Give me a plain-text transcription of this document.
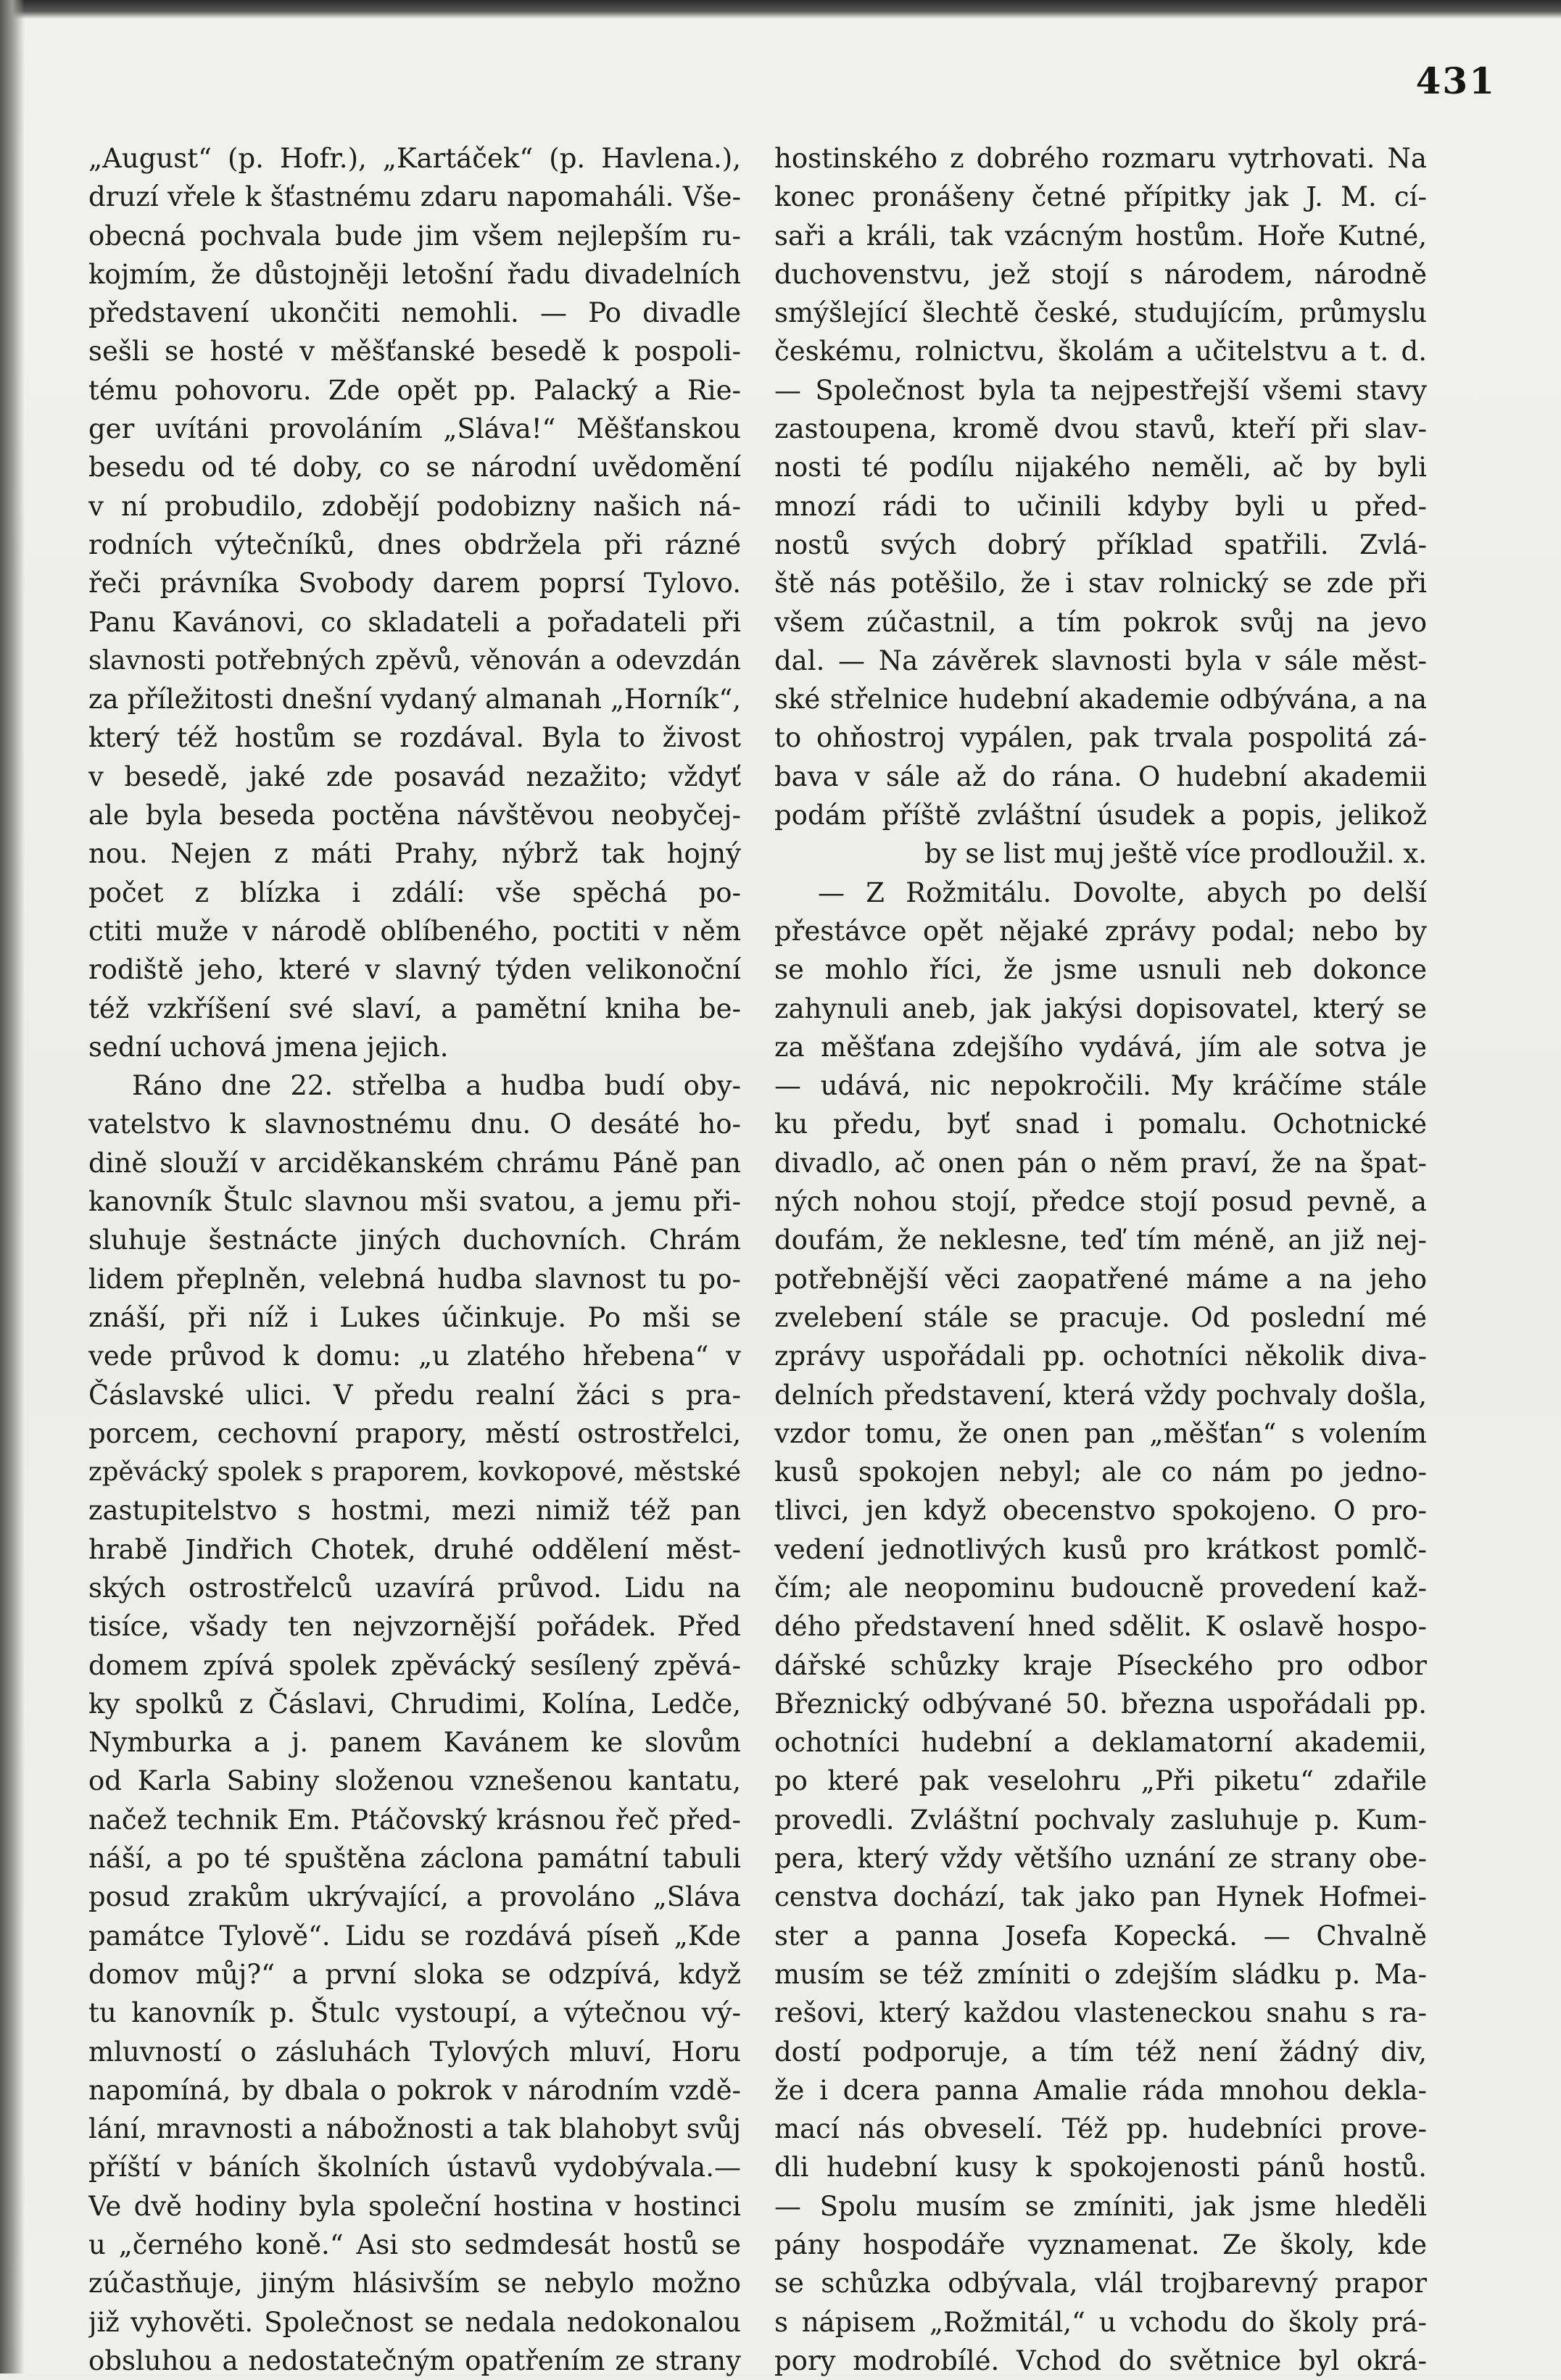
431
„August“ (p. Hofr.), „Kartáček“ (p. Havlena.),
druzí vřele k šťastnému zdaru napomaháli. Vše-
obecná pochvala bude jim všem nejlepším ru-
kojmím, že důstojněji letošní řadu divadelních
představení ukončiti nemohli. — Po divadle
sešli se hosté v měšťanské besedě k pospoli-
tému pohovoru. Zde opět pp. Palacký a Rie-
ger uvítáni provoláním „Sláva!“ Měšťanskou
besedu od té doby, co se národní uvědomění
v ní probudilo, zdobějí podobizny našich ná-
rodních výtečníků, dnes obdržela při rázné
řeči právníka Svobody darem poprsí Tylovo.
Panu Kavánovi, co skladateli a pořadateli při
slavnosti potřebných zpěvů, věnován a odevzdán
za příležitosti dnešní vydaný almanah „Horník“,
který též hostům se rozdával. Byla to živost
v besedě, jaké zde posavád nezažito; vždyť
ale byla beseda poctěna návštěvou neobyčej-
nou. Nejen z máti Prahy, nýbrž tak hojný
počet z blízka i zdálí: vše spěchá po-
ctiti muže v národě oblíbeného, poctiti v něm
rodiště jeho, které v slavný týden velikonoční
též vzkříšení své slaví, a pamětní kniha be-
sední uchová jmena jejich.
Ráno dne 22. střelba a hudba budí oby-
vatelstvo k slavnostnému dnu. O desáté ho-
dině slouží v arciděkanském chrámu Páně pan
kanovník Štulc slavnou mši svatou, a jemu při-
sluhuje šestnácte jiných duchovních. Chrám
lidem přeplněn, velebná hudba slavnost tu po-
znáší, při níž i Lukes účinkuje. Po mši se
vede průvod k domu: „u zlatého hřebena“ v
Čáslavské ulici. V předu realní žáci s pra-
porcem, cechovní prapory, městí ostrostřelci,
zpěvácký spolek s praporem, kovkopové, městské
zastupitelstvo s hostmi, mezi nimiž též pan
hrabě Jindřich Chotek, druhé oddělení měst-
ských ostrostřelců uzavírá průvod. Lidu na
tisíce, všady ten nejvzornější pořádek. Před
domem zpívá spolek zpěvácký sesílený zpěvá-
ky spolků z Čáslavi, Chrudimi, Kolína, Ledče,
Nymburka a j. panem Kavánem ke slovům
od Karla Sabiny složenou vznešenou kantatu,
načež technik Em. Ptáčovský krásnou řeč před-
náší, a po té spuštěna záclona památní tabuli
posud zrakům ukrývající, a provoláno „Sláva
památce Tylově“. Lidu se rozdává píseň „Kde
domov můj?“ a první sloka se odzpívá, když
tu kanovník p. Štulc vystoupí, a výtečnou vý-
mluvností o zásluhách Tylových mluví, Horu
napomíná, by dbala o pokrok v národním vzdě-
lání, mravnosti a nábožnosti a tak blahobyt svůj
příští v báních školních ústavů vydobývala.—
Ve dvě hodiny byla společní hostina v hostinci
u „černého koně.“ Asi sto sedmdesát hostů se
zúčastňuje, jiným hlásivším se nebylo možno
již vyhověti. Společnost se nedala nedokonalou
obsluhou a nedostatečným opatřením ze strany
hostinského z dobrého rozmaru vytrhovati. Na
konec pronášeny četné přípitky jak J. M. cí-
saři a králi, tak vzácným hostům. Hoře Kutné,
duchovenstvu, jež stojí s národem, národně
smýšlející šlechtě české, studujícím, průmyslu
českému, rolnictvu, školám a učitelstvu a t. d.
— Společnost byla ta nejpestřejší všemi stavy
zastoupena, kromě dvou stavů, kteří při slav-
nosti té podílu nijakého neměli, ač by byli
mnozí rádi to učinili kdyby byli u před-
nostů svých dobrý příklad spatřili. Zvlá-
ště nás potěšilo, že i stav rolnický se zde při
všem zúčastnil, a tím pokrok svůj na jevo
dal. — Na závěrek slavnosti byla v sále měst-
ské střelnice hudební akademie odbývána, a na
to ohňostroj vypálen, pak trvala pospolitá zá-
bava v sále až do rána. O hudební akademii
podám příště zvláštní úsudek a popis, jelikož
by se list muj ještě více prodloužil. x.
— Z Rožmitálu. Dovolte, abych po delší
přestávce opět nějaké zprávy podal; nebo by
se mohlo říci, že jsme usnuli neb dokonce
zahynuli aneb, jak jakýsi dopisovatel, který se
za měšťana zdejšího vydává, jím ale sotva je
— udává, nic nepokročili. My kráčíme stále
ku předu, byť snad i pomalu. Ochotnické
divadlo, ač onen pán o něm praví, že na špat-
ných nohou stojí, předce stojí posud pevně, a
doufám, že neklesne, teď tím méně, an již nej-
potřebnější věci zaopatřené máme a na jeho
zvelebení stále se pracuje. Od poslední mé
zprávy uspořádali pp. ochotníci několik diva-
delních představení, která vždy pochvaly došla,
vzdor tomu, že onen pan „měšťan“ s volením
kusů spokojen nebyl; ale co nám po jedno-
tlivci, jen když obecenstvo spokojeno. O pro-
vedení jednotlivých kusů pro krátkost pomlč-
čím; ale neopominu budoucně provedení kaž-
dého představení hned sdělit. K oslavě hospo-
dářské schůzky kraje Píseckého pro odbor
Březnický odbývané 50. března uspořádali pp.
ochotníci hudební a deklamatorní akademii,
po které pak veselohru „Při piketu“ zdařile
provedli. Zvláštní pochvaly zasluhuje p. Kum-
pera, který vždy většího uznání ze strany obe-
censtva dochází, tak jako pan Hynek Hofmei-
ster a panna Josefa Kopecká. — Chvalně
musím se též zmíniti o zdejším sládku p. Ma-
rešovi, který každou vlasteneckou snahu s ra-
dostí podporuje, a tím též není žádný div,
že i dcera panna Amalie ráda mnohou dekla-
mací nás obveselí. Též pp. hudebníci prove-
dli hudební kusy k spokojenosti pánů hostů.
— Spolu musím se zmíniti, jak jsme hleděli
pány hospodáře vyznamenat. Ze školy, kde
se schůzka odbývala, vlál trojbarevný prapor
s nápisem „Rožmitál,“ u vchodu do školy prá-
pory modrobílé. Vchod do světnice byl okrá-
